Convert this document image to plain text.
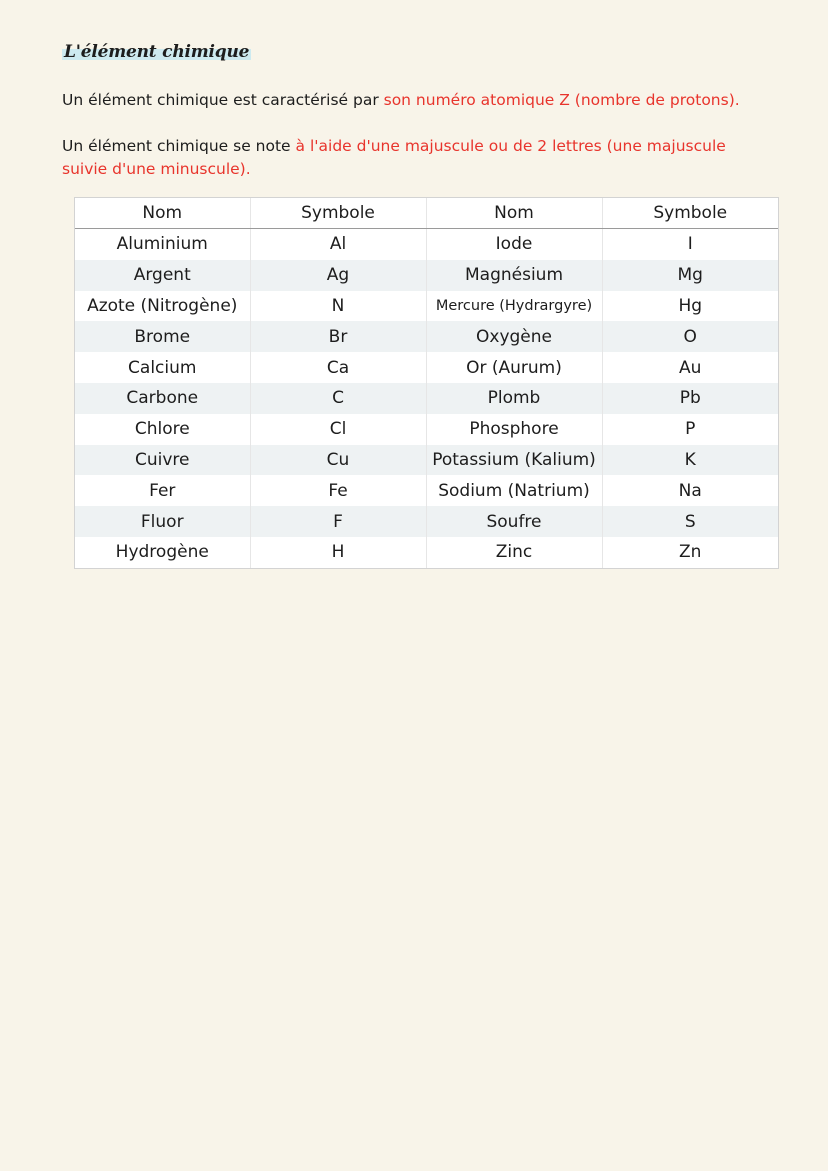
L'élément chimique

Un élément chimique est caractérisé par son numéro atomique Z (nombre de protons).

Un élément chimique se note à l'aide d'une majuscule ou de 2 lettres (une majuscule suivie d'une minuscule).

Nom	Symbole	Nom	Symbole
Aluminium	Al	Iode	I
Argent	Ag	Magnésium	Mg
Azote (Nitrogène)	N	Mercure (Hydrargyre)	Hg
Brome	Br	Oxygène	O
Calcium	Ca	Or (Aurum)	Au
Carbone	C	Plomb	Pb
Chlore	Cl	Phosphore	P
Cuivre	Cu	Potassium (Kalium)	K
Fer	Fe	Sodium (Natrium)	Na
Fluor	F	Soufre	S
Hydrogène	H	Zinc	Zn
